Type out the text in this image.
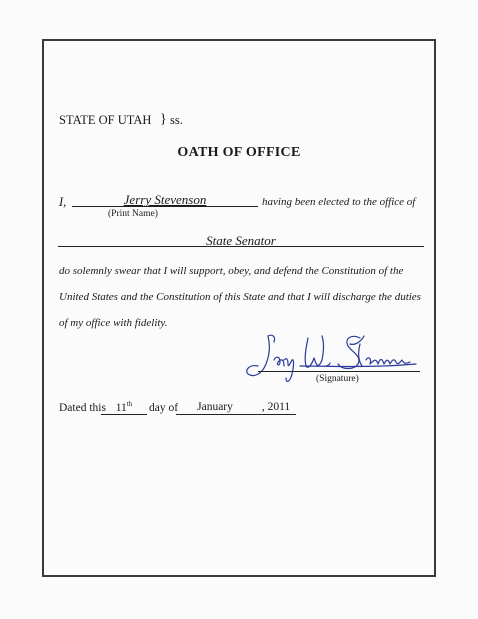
STATE OF UTAH } ss.
OATH OF OFFICE
I,	Jerry Stevenson
(Print Name)
having been elected to the office of
State Senator
do solemnly swear that I will support, obey, and defend the Constitution of the
United States and the Constitution of this State and that I will discharge the duties
of my office with fidelity.
(Signature)
Dated this 11th	day of	January	, 2011
